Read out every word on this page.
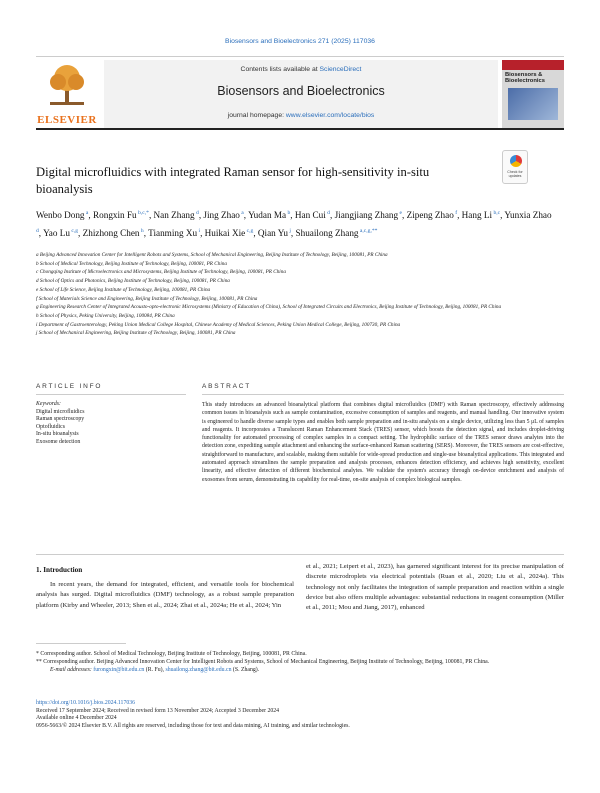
Biosensors and Bioelectronics 271 (2025) 117036
ELSEVIER
Contents lists available at ScienceDirect
Biosensors and Bioelectronics
journal homepage: www.elsevier.com/locate/bios
Biosensors & Bioelectronics
Digital microfluidics with integrated Raman sensor for high-sensitivity in-situ bioanalysis
Check for updates
Wenbo Dong $^a$, Rongxin Fu $^{b,c,*}$, Nan Zhang $^d$, Jing Zhao $^a$, Yudan Ma $^b$, Han Cui $^d$, Jiangjiang Zhang $^e$, Zipeng Zhao $^f$, Hang Li $^{b,c}$, Yunxia Zhao $^d$, Yao Lu $^{c,g}$, Zhizhong Chen $^h$, Tianming Xu $^i$, Huikai Xie $^{c,g}$, Qian Yu $^j$, Shuailong Zhang $^{a,c,g,**}$
a Beijing Advanced Innovation Center for Intelligent Robots and Systems, School of Mechanical Engineering, Beijing Institute of Technology, Beijing, 100081, PR China
b School of Medical Technology, Beijing Institute of Technology, Beijing, 100081, PR China
c Chongqing Institute of Microelectronics and Microsystems, Beijing Institute of Technology, Beijing, 100081, PR China
d School of Optics and Photonics, Beijing Institute of Technology, Beijing, 100081, PR China
e School of Life Science, Beijing Institute of Technology, Beijing, 100081, PR China
f School of Materials Science and Engineering, Beijing Institute of Technology, Beijing, 100081, PR China
g Engineering Research Center of Integrated Acousto-opto-electronic Microsystems (Ministry of Education of China), School of Integrated Circuits and Electronics, Beijing Institute of Technology, Beijing, 100081, PR China
h School of Physics, Peking University, Beijing, 100084, PR China
i Department of Gastroenterology, Peking Union Medical College Hospital, Chinese Academy of Medical Sciences, Peking Union Medical College, Beijing, 100730, PR China
j School of Mechanical Engineering, Beijing Institute of Technology, Beijing, 100081, PR China
ARTICLE INFO	ABSTRACT
Keywords:
Digital microfluidics
Raman spectroscopy
Optofluidics
In-situ bioanalysis
Exosome detection
This study introduces an advanced bioanalytical platform that combines digital microfluidics (DMF) with Raman spectroscopy, effectively addressing common issues in bioanalysis such as sample contamination, excessive consumption of samples and reagents, and manual handling. Our innovative system is engineered to handle diverse sample types and enables both sample preparation and in-situ analysis on a single device, utilizing less than 5 μL of samples and reagents. It incorporates a Translucent Raman Enhancement Stack (TRES) sensor, which boosts the detection signal, and includes droplet-driving functionality for automated processing of complex samples in a compact setting. The hydrophilic surface of the TRES sensor draws analytes into the detection zone, expediting sample attachment and enhancing the surface-enhanced Raman scattering (SERS). Moreover, the TRES sensors are cost-effective, straightforward to manufacture, and scalable, making them suitable for wide-spread production and single-use bioanalytical applications. This integrated and automated approach streamlines the sample preparation and analysis processes, enhances detection efficiency, and achieves high sensitivity, excellent linearity, and effective detection of different biochemical analytes. We validate the system's accuracy through on-device enrichment and analysis of exosomes from serum, demonstrating its capability for real-time, on-site analysis of complex biological samples.
1. Introduction
In recent years, the demand for integrated, efficient, and versatile tools for biochemical analysis has surged. Digital microfluidics (DMF) technology, as a robust sample preparation platform (Kirby and Wheeler, 2013; Shen et al., 2024; Zhai et al., 2024a; He et al., 2024; Yin
et al., 2021; Leipert et al., 2023), has garnered significant interest for its precise manipulation of discrete microdroplets via electrical potentials (Ruan et al., 2020; Liu et al., 2024a). This technology not only facilitates the integration of sample preparation and reaction within a single device but also offers multiple advantages: substantial reductions in reagent consumption (Miller et al., 2011; Mou and Jiang, 2017), enhanced
* Corresponding author. School of Medical Technology, Beijing Institute of Technology, Beijing, 100081, PR China.
** Corresponding author. Beijing Advanced Innovation Center for Intelligent Robots and Systems, School of Mechanical Engineering, Beijing Institute of Technology, Beijing, 100081, PR China.
E-mail addresses: furongxin@bit.edu.cn (R. Fu), shuailong.zhang@bit.edu.cn (S. Zhang).
https://doi.org/10.1016/j.bios.2024.117036
Received 17 September 2024; Received in revised form 13 November 2024; Accepted 3 December 2024
Available online 4 December 2024
0956-5663/© 2024 Elsevier B.V. All rights are reserved, including those for text and data mining, AI training, and similar technologies.
